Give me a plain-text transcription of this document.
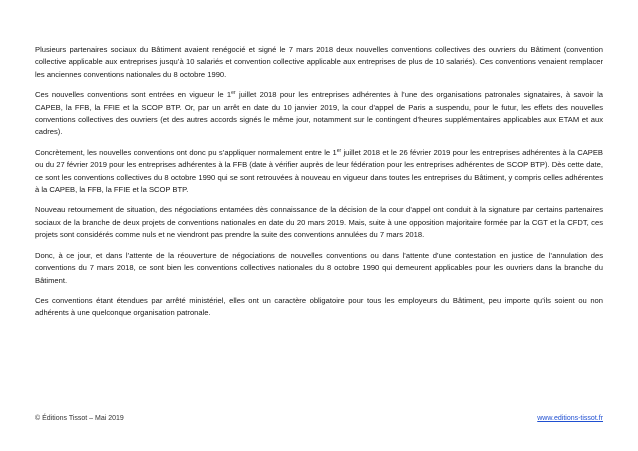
Plusieurs partenaires sociaux du Bâtiment avaient renégocié et signé le 7 mars 2018 deux nouvelles conventions collectives des ouvriers du Bâtiment (convention collective applicable aux entreprises jusqu’à 10 salariés et convention collective applicable aux entreprises de plus de 10 salariés). Ces conventions venaient remplacer les anciennes conventions nationales du 8 octobre 1990.

Ces nouvelles conventions sont entrées en vigueur le 1er juillet 2018 pour les entreprises adhérentes à l’une des organisations patronales signataires, à savoir la CAPEB, la FFB, la FFIE et la SCOP BTP. Or, par un arrêt en date du 10 janvier 2019, la cour d’appel de Paris a suspendu, pour le futur, les effets des nouvelles conventions collectives des ouvriers (et des autres accords signés le même jour, notamment sur le contingent d’heures supplémentaires applicables aux ETAM et aux cadres).

Concrètement, les nouvelles conventions ont donc pu s’appliquer normalement entre le 1er juillet 2018 et le 26 février 2019 pour les entreprises adhérentes à la CAPEB ou du 27 février 2019 pour les entreprises adhérentes à la FFB (date à vérifier auprès de leur fédération pour les entreprises adhérentes de SCOP BTP). Dès cette date, ce sont les conventions collectives du 8 octobre 1990 qui se sont retrouvées à nouveau en vigueur dans toutes les entreprises du Bâtiment, y compris celles adhérentes à la CAPEB, la FFB, la FFIE et la SCOP BTP.

Nouveau retournement de situation, des négociations entamées dès connaissance de la décision de la cour d’appel ont conduit à la signature par certains partenaires sociaux de la branche de deux projets de conventions nationales en date du 20 mars 2019. Mais, suite à une opposition majoritaire formée par la CGT et la CFDT, ces projets sont considérés comme nuls et ne viendront pas prendre la suite des conventions annulées du 7 mars 2018.

Donc, à ce jour, et dans l’attente de la réouverture de négociations de nouvelles conventions ou dans l’attente d’une contestation en justice de l’annulation des conventions du 7 mars 2018, ce sont bien les conventions collectives nationales du 8 octobre 1990 qui demeurent applicables pour les ouvriers dans la branche du Bâtiment.

Ces conventions étant étendues par arrêté ministériel, elles ont un caractère obligatoire pour tous les employeurs du Bâtiment, peu importe qu’ils soient ou non adhérents à une quelconque organisation patronale.

© Éditions Tissot – Mai 2019	www.editions-tissot.fr
